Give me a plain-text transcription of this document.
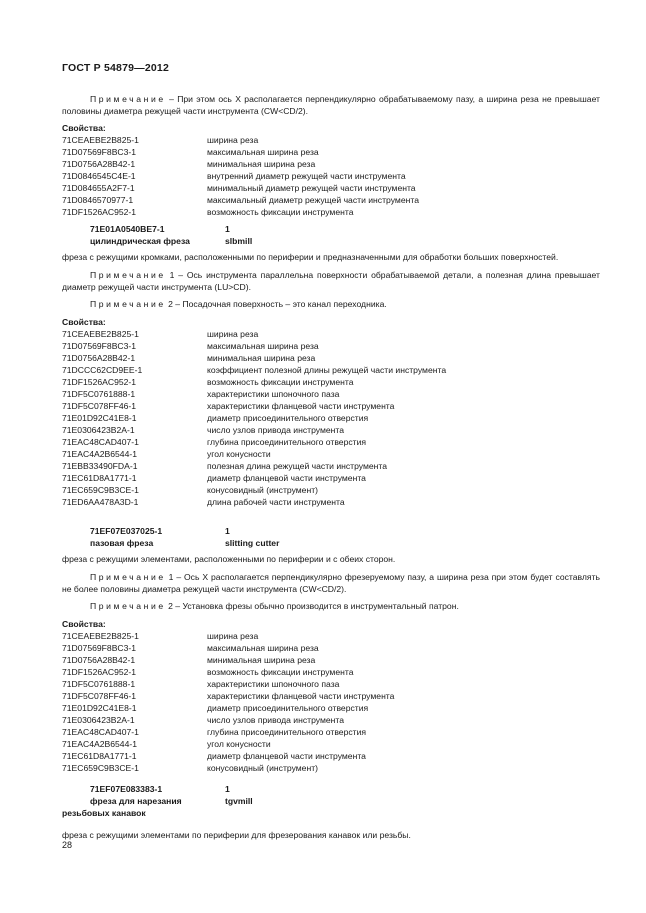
ГОСТ Р 54879—2012
Примечание – При этом ось X располагается перпендикулярно обрабатываемому пазу, а ширина реза не превышает половины диаметра режущей части инструмента (CW<CD/2).
Свойства:
71CEAEBE2B825-1	ширина реза
71D07569F8BC3-1	максимальная ширина реза
71D0756A28B42-1	минимальная ширина реза
71D0846545C4E-1	внутренний диаметр режущей части инструмента
71D084655A2F7-1	минимальный диаметр режущей части инструмента
71D0846570977-1	максимальный диаметр режущей части инструмента
71DF1526AC952-1	возможность фиксации инструмента
71E01A0540BE7-1	1
цилиндрическая фреза	slbmill
фреза с режущими кромками, расположенными по периферии и предназначенными для обработки больших поверхностей.
Примечание 1 – Ось инструмента параллельна поверхности обрабатываемой детали, а полезная длина превышает диаметр режущей части инструмента (LU>CD).
Примечание 2 – Посадочная поверхность – это канал переходника.
Свойства:
71CEAEBE2B825-1	ширина реза
71D07569F8BC3-1	максимальная ширина реза
71D0756A28B42-1	минимальная ширина реза
71DCCC62CD9EE-1	коэффициент полезной длины режущей части инструмента
71DF1526AC952-1	возможность фиксации инструмента
71DF5C0761888-1	характеристики шпоночного паза
71DF5C078FF46-1	характеристики фланцевой части инструмента
71E01D92C41E8-1	диаметр присоединительного отверстия
71E0306423B2A-1	число узлов привода инструмента
71EAC48CAD407-1	глубина присоединительного отверстия
71EAC4A2B6544-1	угол конусности
71EBB33490FDA-1	полезная длина режущей части инструмента
71EC61D8A1771-1	диаметр фланцевой части инструмента
71EC659C9B3CE-1	конусовидный (инструмент)
71ED6AA478A3D-1	длина рабочей части инструмента
71EF07E037025-1	1
пазовая фреза	slitting cutter
фреза с режущими элементами, расположенными по периферии и с обеих сторон.
Примечание 1 – Ось X располагается перпендикулярно фрезеруемому пазу, а ширина реза при этом будет составлять не более половины диаметра режущей части инструмента (CW<CD/2).
Примечание 2 – Установка фрезы обычно производится в инструментальный патрон.
Свойства:
71CEAEBE2B825-1	ширина реза
71D07569F8BC3-1	максимальная ширина реза
71D0756A28B42-1	минимальная ширина реза
71DF1526AC952-1	возможность фиксации инструмента
71DF5C0761888-1	характеристики шпоночного паза
71DF5C078FF46-1	характеристики фланцевой части инструмента
71E01D92C41E8-1	диаметр присоединительного отверстия
71E0306423B2A-1	число узлов привода инструмента
71EAC48CAD407-1	глубина присоединительного отверстия
71EAC4A2B6544-1	угол конусности
71EC61D8A1771-1	диаметр фланцевой части инструмента
71EC659C9B3CE-1	конусовидный (инструмент)
71EF07E083383-1	1
фреза для нарезания	tgvmill
резьбовых канавок
фреза с режущими элементами по периферии для фрезерования канавок или резьбы.
28
